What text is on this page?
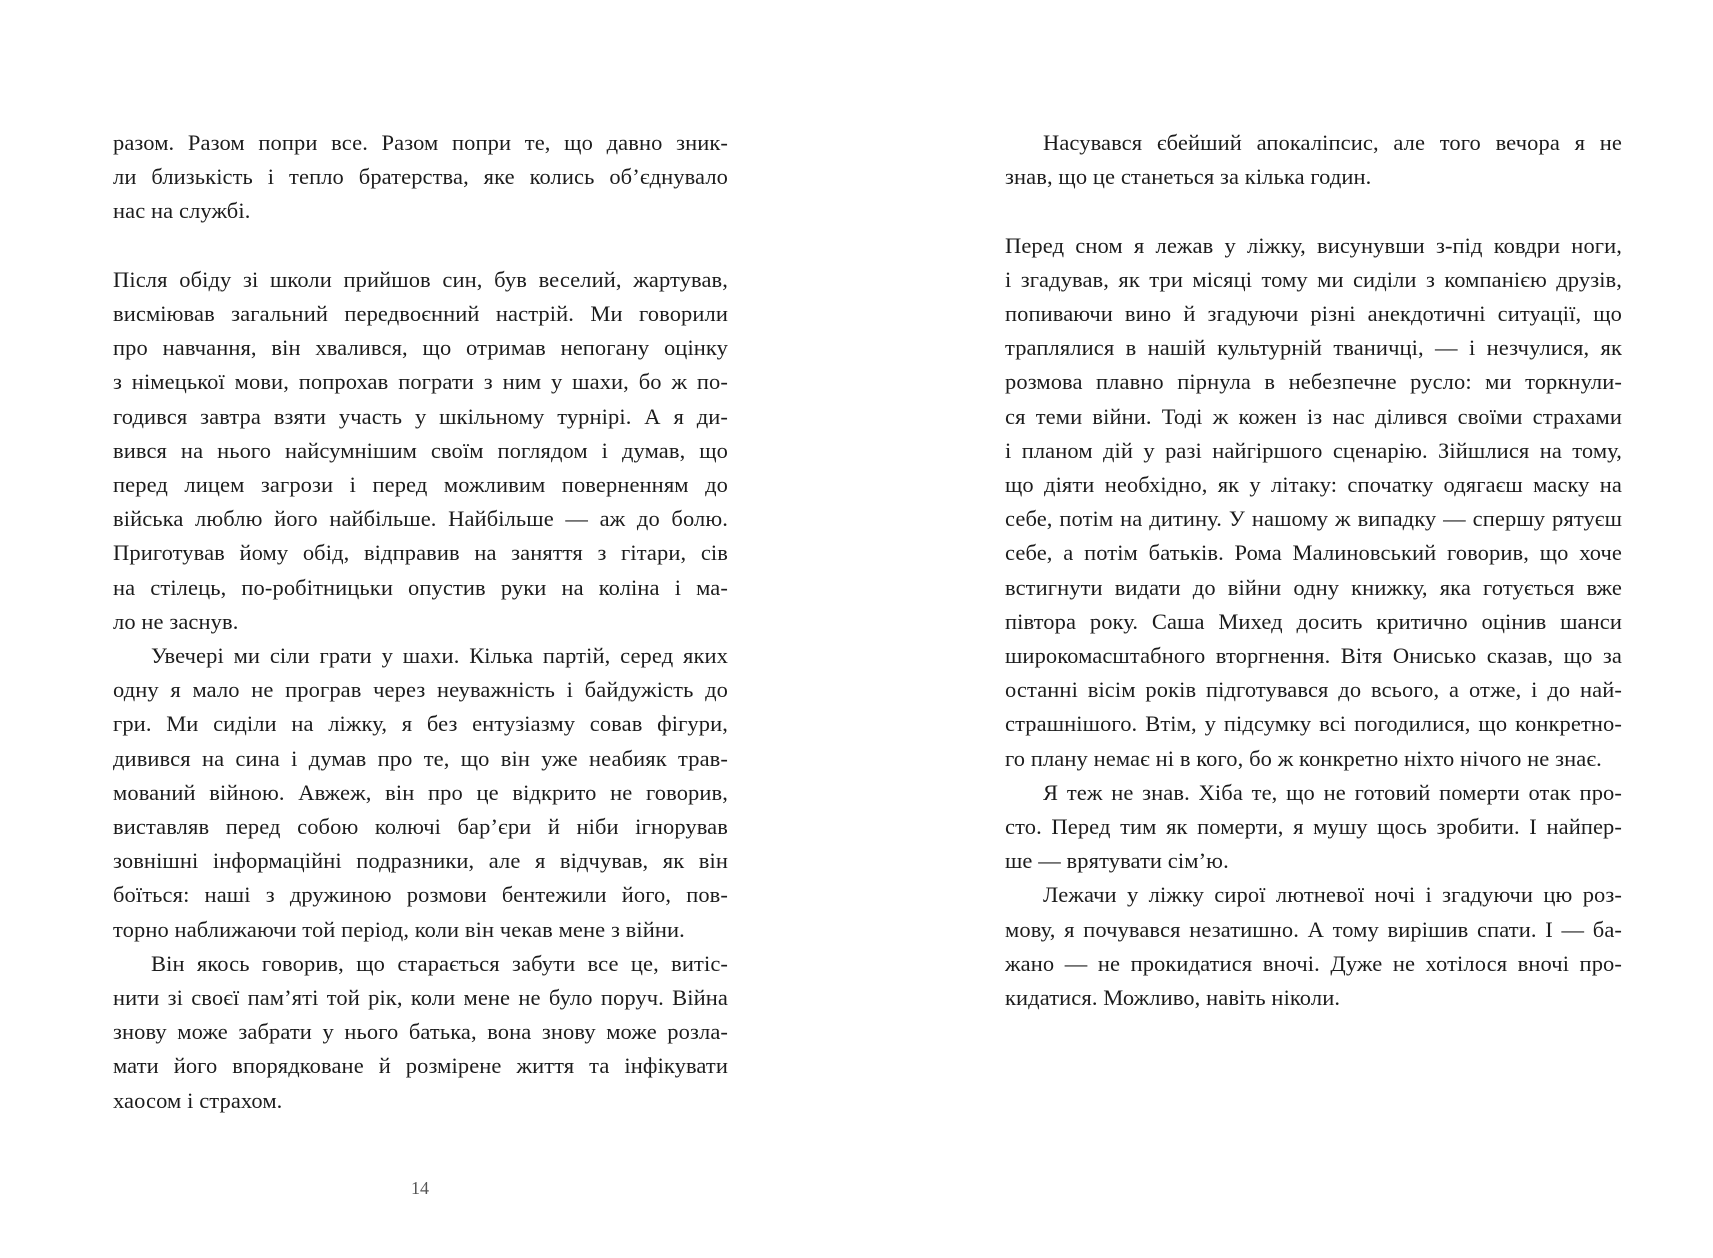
разом. Разом попри все. Разом попри те, що давно зник-
ли близькість і тепло братерства, яке колись об’єднувало
нас на службі.
Після обіду зі школи прийшов син, був веселий, жартував,
висміював загальний передвоєнний настрій. Ми говорили
про навчання, він хвалився, що отримав непогану оцінку
з німецької мови, попрохав пограти з ним у шахи, бо ж по-
годився завтра взяти участь у шкільному турнірі. А я ди-
вився на нього найсумнішим своїм поглядом і думав, що
перед лицем загрози і перед можливим поверненням до
війська люблю його найбільше. Найбільше — аж до болю.
Приготував йому обід, відправив на заняття з гітари, сів
на стілець, по-робітницьки опустив руки на коліна і ма-
ло не заснув.
Увечері ми сіли грати у шахи. Кілька партій, серед яких
одну я мало не програв через неуважність і байдужість до
гри. Ми сиділи на ліжку, я без ентузіазму совав фігури,
дивився на сина і думав про те, що він уже неабияк трав-
мований війною. Авжеж, він про це відкрито не говорив,
виставляв перед собою колючі бар’єри й ніби ігнорував
зовнішні інформаційні подразники, але я відчував, як він
боїться: наші з дружиною розмови бентежили його, пов-
торно наближаючи той період, коли він чекав мене з війни.
Він якось говорив, що старається забути все це, витіс-
нити зі своєї пам’яті той рік, коли мене не було поруч. Війна
знову може забрати у нього батька, вона знову може розла-
мати його впорядковане й розмірене життя та інфікувати
хаосом і страхом.
14
Насувався єбейший апокаліпсис, але того вечора я не
знав, що це станеться за кілька годин.
Перед сном я лежав у ліжку, висунувши з-під ковдри ноги,
і згадував, як три місяці тому ми сиділи з компанією друзів,
попиваючи вино й згадуючи різні анекдотичні ситуації, що
траплялися в нашій культурній тваничці, — і незчулися, як
розмова плавно пірнула в небезпечне русло: ми торкнули-
ся теми війни. Тоді ж кожен із нас ділився своїми страхами
і планом дій у разі найгіршого сценарію. Зійшлися на тому,
що діяти необхідно, як у літаку: спочатку одягаєш маску на
себе, потім на дитину. У нашому ж випадку — спершу рятуєш
себе, а потім батьків. Рома Малиновський говорив, що хоче
встигнути видати до війни одну книжку, яка готується вже
півтора року. Саша Михед досить критично оцінив шанси
широкомасштабного вторгнення. Вітя Ониськo сказав, що за
останні вісім років підготувався до всього, а отже, і до най-
страшнішого. Втім, у підсумку всі погодилися, що конкретно-
го плану немає ні в кого, бо ж конкретно ніхто нічого не знає.
Я теж не знав. Хіба те, що не готовий померти отак про-
сто. Перед тим як померти, я мушу щось зробити. І найпер-
ше — врятувати сім’ю.
Лежачи у ліжку сирої лютневої ночі і згадуючи цю роз-
мову, я почувався незатишно. А тому вирішив спати. І — ба-
жано — не прокидатися вночі. Дуже не хотілося вночі про-
кидатися. Можливо, навіть ніколи.
